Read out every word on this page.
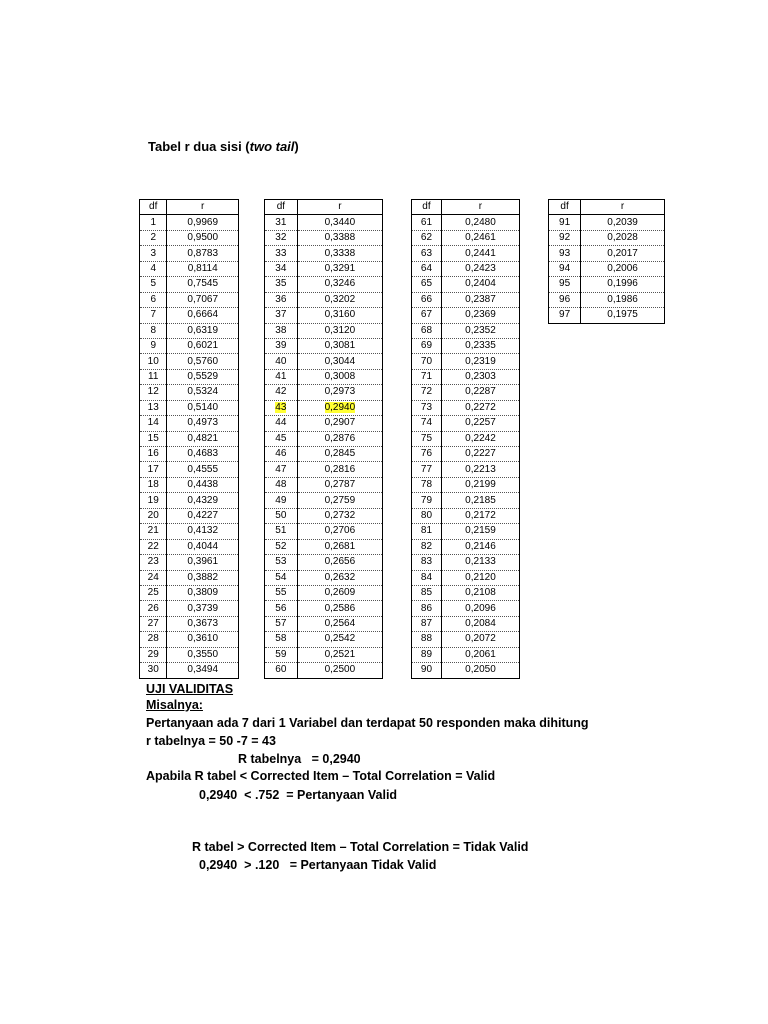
Tabel r dua sisi (two tail)
df	r
1	0,9969
2	0,9500
3	0,8783
4	0,8114
5	0,7545
6	0,7067
7	0,6664
8	0,6319
9	0,6021
10	0,5760
11	0,5529
12	0,5324
13	0,5140
14	0,4973
15	0,4821
16	0,4683
17	0,4555
18	0,4438
19	0,4329
20	0,4227
21	0,4132
22	0,4044
23	0,3961
24	0,3882
25	0,3809
26	0,3739
27	0,3673
28	0,3610
29	0,3550
30	0,3494
df	r
31	0,3440
32	0,3388
33	0,3338
34	0,3291
35	0,3246
36	0,3202
37	0,3160
38	0,3120
39	0,3081
40	0,3044
41	0,3008
42	0,2973
43	0,2940
44	0,2907
45	0,2876
46	0,2845
47	0,2816
48	0,2787
49	0,2759
50	0,2732
51	0,2706
52	0,2681
53	0,2656
54	0,2632
55	0,2609
56	0,2586
57	0,2564
58	0,2542
59	0,2521
60	0,2500
df	r
61	0,2480
62	0,2461
63	0,2441
64	0,2423
65	0,2404
66	0,2387
67	0,2369
68	0,2352
69	0,2335
70	0,2319
71	0,2303
72	0,2287
73	0,2272
74	0,2257
75	0,2242
76	0,2227
77	0,2213
78	0,2199
79	0,2185
80	0,2172
81	0,2159
82	0,2146
83	0,2133
84	0,2120
85	0,2108
86	0,2096
87	0,2084
88	0,2072
89	0,2061
90	0,2050
df	r
91	0,2039
92	0,2028
93	0,2017
94	0,2006
95	0,1996
96	0,1986
97	0,1975
UJI VALIDITAS
Misalnya:
Pertanyaan ada 7 dari 1 Variabel dan terdapat 50 responden maka dihitung
r tabelnya = 50 -7 = 43
R tabelnya   = 0,2940
Apabila R tabel < Corrected Item – Total Correlation = Valid
0,2940  < .752  = Pertanyaan Valid
R tabel > Corrected Item – Total Correlation = Tidak Valid
0,2940  > .120   = Pertanyaan Tidak Valid
